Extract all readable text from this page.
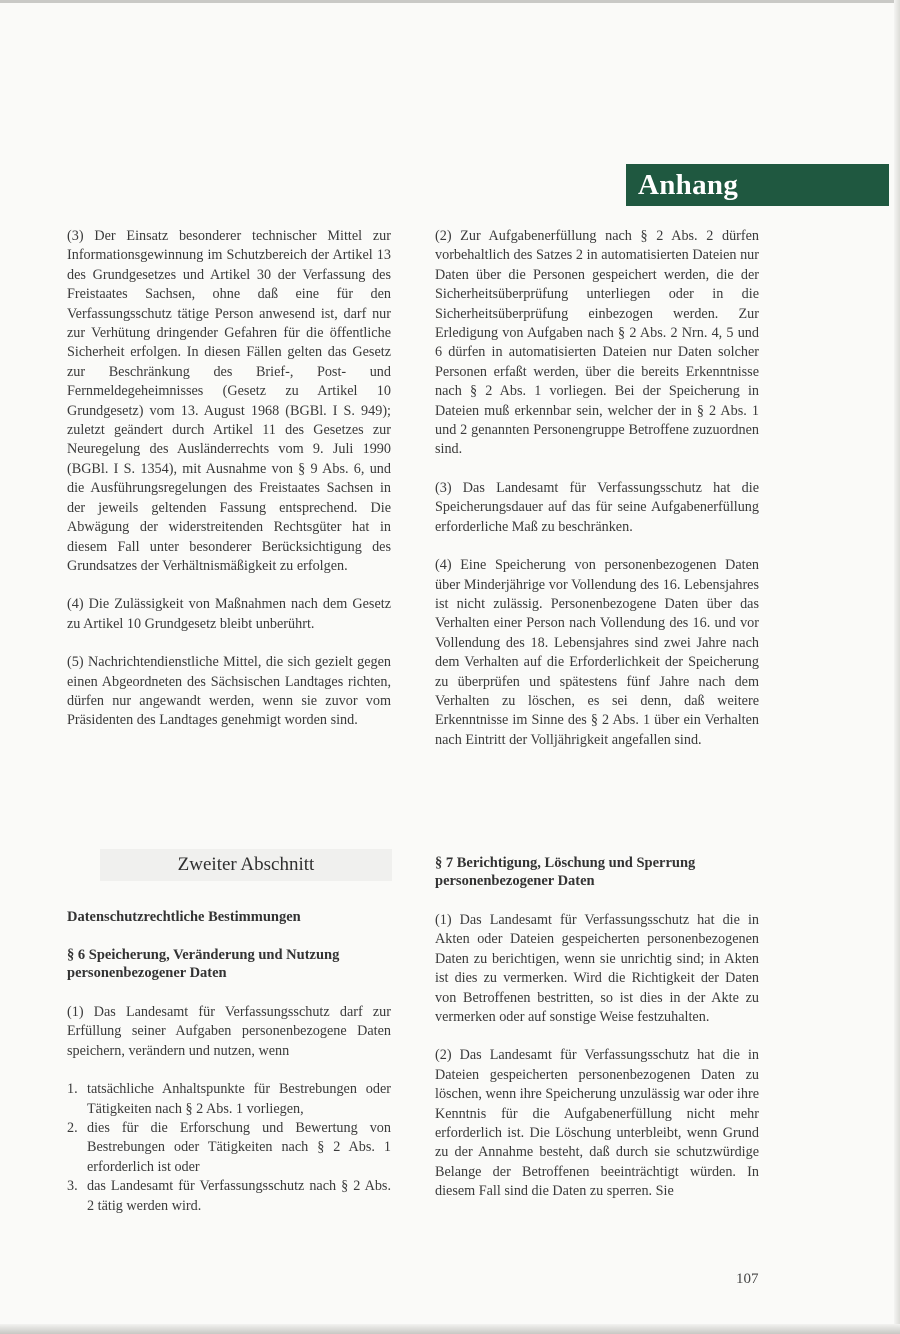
Anhang

(3) Der Einsatz besonderer technischer Mittel zur Informationsgewinnung im Schutzbereich der Artikel 13 des Grundgesetzes und Artikel 30 der Verfassung des Freistaates Sachsen, ohne daß eine für den Verfassungsschutz tätige Person anwesend ist, darf nur zur Verhütung dringender Gefahren für die öffentliche Sicherheit erfolgen. In diesen Fällen gelten das Gesetz zur Beschränkung des Brief-, Post- und Fernmeldegeheimnisses (Gesetz zu Artikel 10 Grundgesetz) vom 13. August 1968 (BGBl. I S. 949); zuletzt geändert durch Artikel 11 des Gesetzes zur Neuregelung des Ausländerrechts vom 9. Juli 1990 (BGBl. I S. 1354), mit Ausnahme von § 9 Abs. 6, und die Ausführungsregelungen des Freistaates Sachsen in der jeweils geltenden Fassung entsprechend. Die Abwägung der widerstreitenden Rechtsgüter hat in diesem Fall unter besonderer Berücksichtigung des Grundsatzes der Verhältnismäßigkeit zu erfolgen.

(4) Die Zulässigkeit von Maßnahmen nach dem Gesetz zu Artikel 10 Grundgesetz bleibt unberührt.

(5) Nachrichtendienstliche Mittel, die sich gezielt gegen einen Abgeordneten des Sächsischen Landtages richten, dürfen nur angewandt werden, wenn sie zuvor vom Präsidenten des Landtages genehmigt worden sind.

(2) Zur Aufgabenerfüllung nach § 2 Abs. 2 dürfen vorbehaltlich des Satzes 2 in automatisierten Dateien nur Daten über die Personen gespeichert werden, die der Sicherheitsüberprüfung unterliegen oder in die Sicherheitsüberprüfung einbezogen werden. Zur Erledigung von Aufgaben nach § 2 Abs. 2 Nrn. 4, 5 und 6 dürfen in automatisierten Dateien nur Daten solcher Personen erfaßt werden, über die bereits Erkenntnisse nach § 2 Abs. 1 vorliegen. Bei der Speicherung in Dateien muß erkennbar sein, welcher der in § 2 Abs. 1 und 2 genannten Personengruppe Betroffene zuzuordnen sind.

(3) Das Landesamt für Verfassungsschutz hat die Speicherungsdauer auf das für seine Aufgabenerfüllung erforderliche Maß zu beschränken.

(4) Eine Speicherung von personenbezogenen Daten über Minderjährige vor Vollendung des 16. Lebensjahres ist nicht zulässig. Personenbezogene Daten über das Verhalten einer Person nach Vollendung des 16. und vor Vollendung des 18. Lebensjahres sind zwei Jahre nach dem Verhalten auf die Erforderlichkeit der Speicherung zu überprüfen und spätestens fünf Jahre nach dem Verhalten zu löschen, es sei denn, daß weitere Erkenntnisse im Sinne des § 2 Abs. 1 über ein Verhalten nach Eintritt der Volljährigkeit angefallen sind.

Zweiter Abschnitt
Datenschutzrechtliche Bestimmungen
§ 6 Speicherung, Veränderung und Nutzung personenbezogener Daten

(1) Das Landesamt für Verfassungsschutz darf zur Erfüllung seiner Aufgaben personenbezogene Daten speichern, verändern und nutzen, wenn

1. tatsächliche Anhaltspunkte für Bestrebungen oder Tätigkeiten nach § 2 Abs. 1 vorliegen,
2. dies für die Erforschung und Bewertung von Bestrebungen oder Tätigkeiten nach § 2 Abs. 1 erforderlich ist oder
3. das Landesamt für Verfassungsschutz nach § 2 Abs. 2 tätig werden wird.
§ 7 Berichtigung, Löschung und Sperrung personenbezogener Daten

(1) Das Landesamt für Verfassungsschutz hat die in Akten oder Dateien gespeicherten personenbezogenen Daten zu berichtigen, wenn sie unrichtig sind; in Akten ist dies zu vermerken. Wird die Richtigkeit der Daten von Betroffenen bestritten, so ist dies in der Akte zu vermerken oder auf sonstige Weise festzuhalten.

(2) Das Landesamt für Verfassungsschutz hat die in Dateien gespeicherten personenbezogenen Daten zu löschen, wenn ihre Speicherung unzulässig war oder ihre Kenntnis für die Aufgabenerfüllung nicht mehr erforderlich ist. Die Löschung unterbleibt, wenn Grund zu der Annahme besteht, daß durch sie schutzwürdige Belange der Betroffenen beeinträchtigt würden. In diesem Fall sind die Daten zu sperren. Sie

107
